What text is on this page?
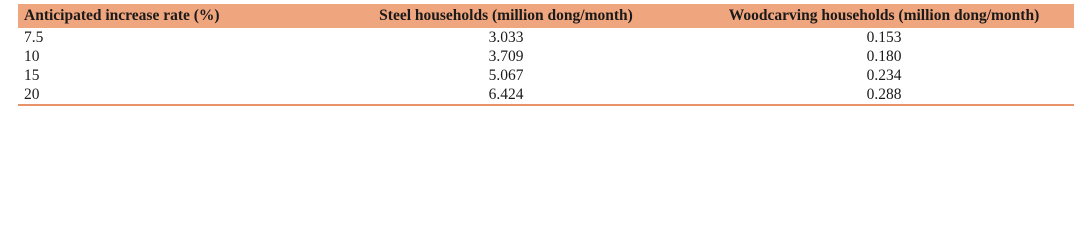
Anticipated increase rate (%)	Steel households (million dong/month)	Woodcarving households (million dong/month)
7.5	3.033	0.153
10	3.709	0.180
15	5.067	0.234
20	6.424	0.288
